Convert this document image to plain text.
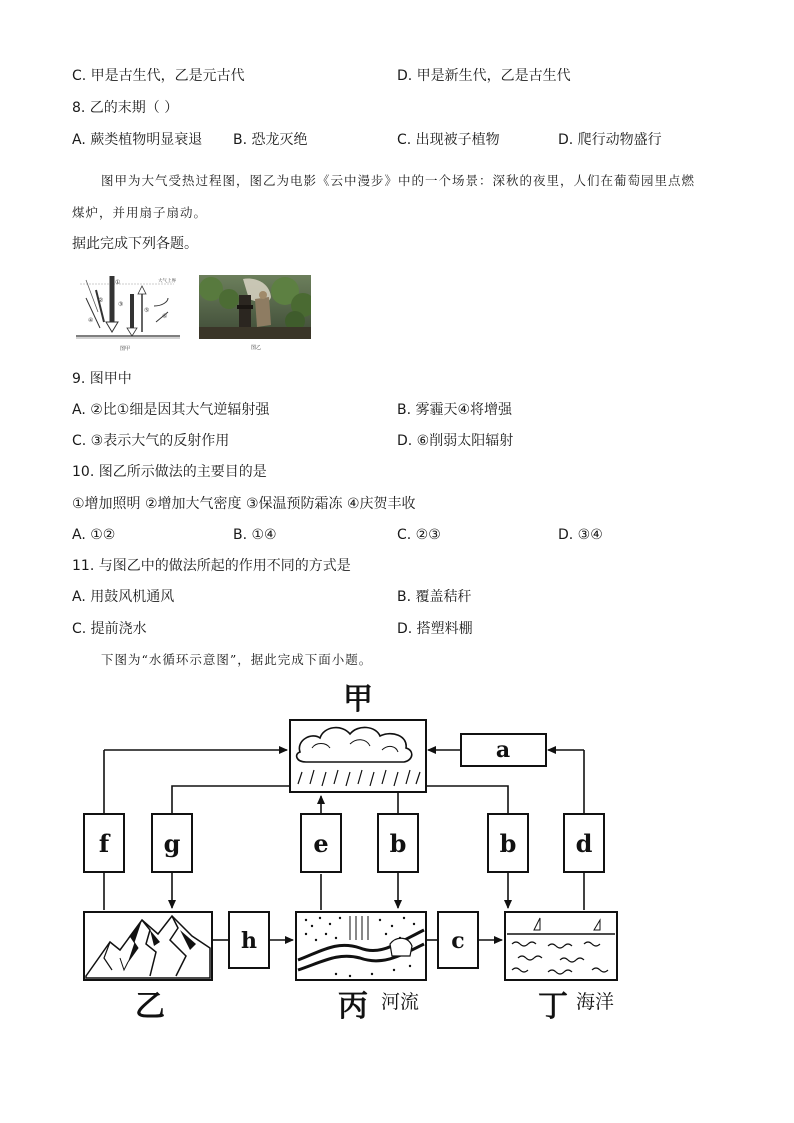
C. 甲是古生代，乙是元古代	D. 甲是新生代，乙是古生代
8. 乙的末期（ ）
A. 蕨类植物明显衰退 B. 恐龙灭绝	C. 出现被子植物	D. 爬行动物盛行
图甲为大气受热过程图，图乙为电影《云中漫步》中的一个场景：深秋的夜里，人们在葡萄园里点燃
煤炉，并用扇子扇动。
据此完成下列各题。
大气上界
①
②
③
④
⑤
⑥
图甲	图乙
9. 图甲中
A. ②比①细是因其大气逆辐射强	B. 雾霾天④将增强
C. ③表示大气的反射作用	D. ⑥削弱太阳辐射
10. 图乙所示做法的主要目的是
①增加照明 ②增加大气密度 ③保温预防霜冻 ④庆贺丰收
A. ①②	B. ①④	C. ②③	D. ③④
11. 与图乙中的做法所起的作用不同的方式是
A. 用鼓风机通风	B. 覆盖秸秆
C. 提前浇水	D. 搭塑料棚
下图为“水循环示意图”，据此完成下面小题。
甲
a
f g	e	b	b d
h	c
乙	丙 河流	丁 海洋
